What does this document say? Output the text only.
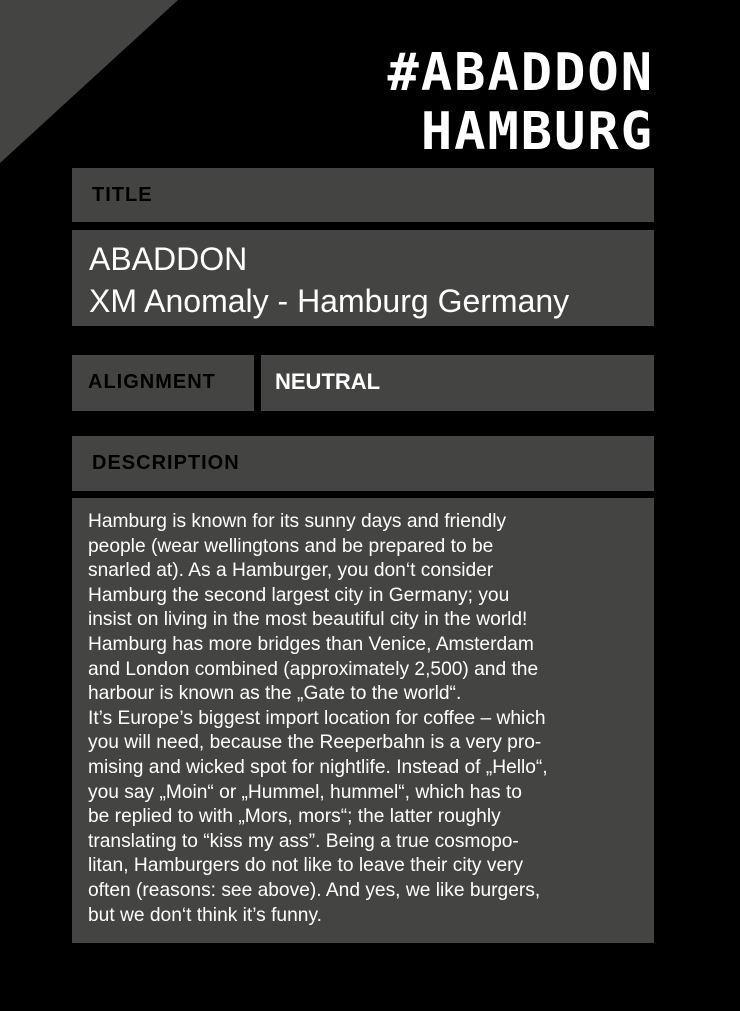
#ABADDON
HAMBURG
TITLE
ABADDON
XM Anomaly - Hamburg Germany
ALIGNMENT	NEUTRAL
DESCRIPTION
Hamburg is known for its sunny days and friendly
people (wear wellingtons and be prepared to be
snarled at). As a Hamburger, you don‘t consider
Hamburg the second largest city in Germany; you
insist on living in the most beautiful city in the world!
Hamburg has more bridges than Venice, Amsterdam
and London combined (approximately 2,500) and the
harbour is known as the „Gate to the world“.
It’s Europe’s biggest import location for coffee – which
you will need, because the Reeperbahn is a very pro-
mising and wicked spot for nightlife. Instead of „Hello“,
you say „Moin“ or „Hummel, hummel“, which has to
be replied to with „Mors, mors“; the latter roughly
translating to “kiss my ass”. Being a true cosmopo-
litan, Hamburgers do not like to leave their city very
often (reasons: see above). And yes, we like burgers,
but we don‘t think it’s funny.
